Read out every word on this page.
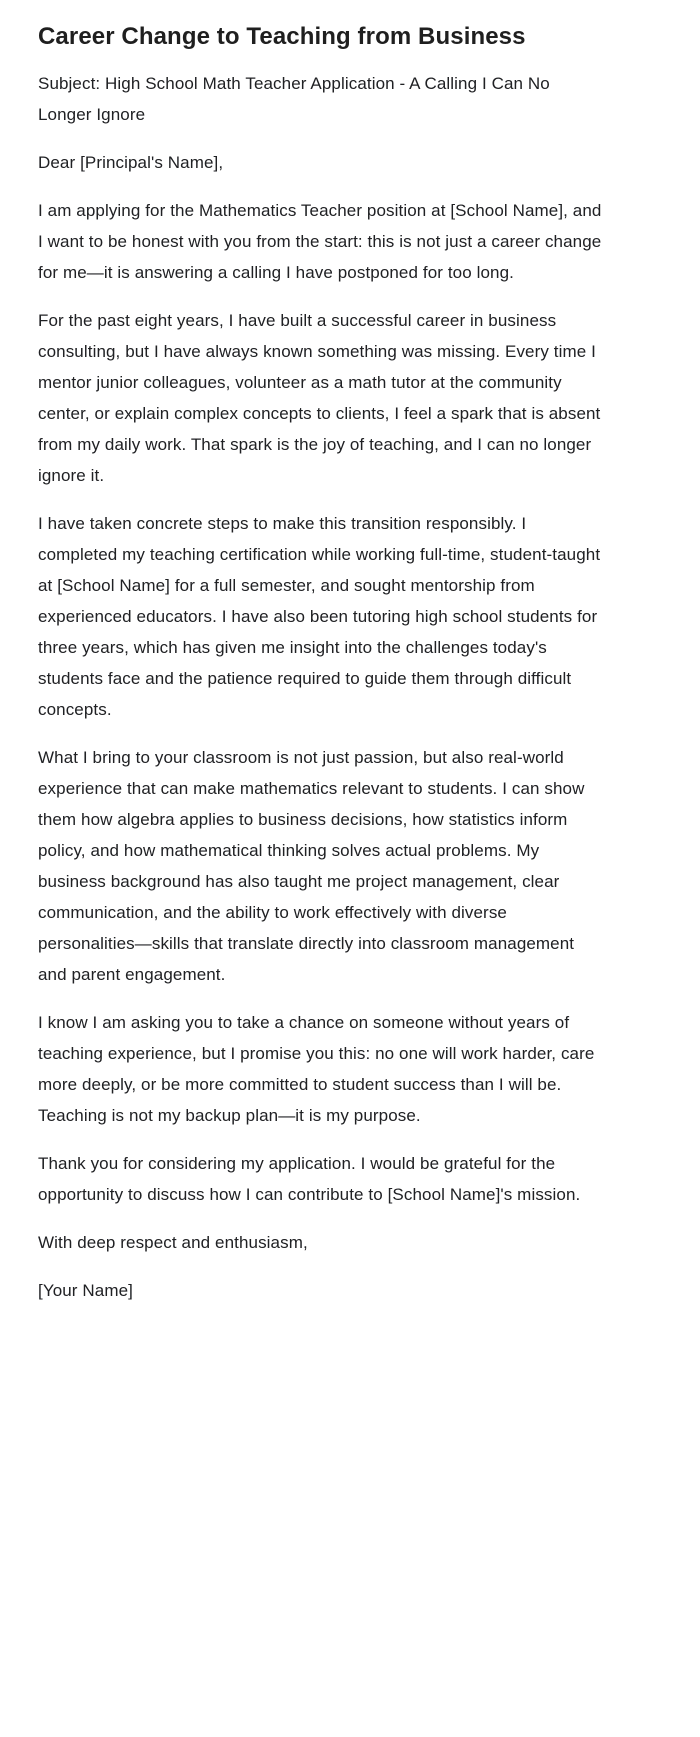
Career Change to Teaching from Business

Subject: High School Math Teacher Application - A Calling I Can No Longer Ignore

Dear [Principal's Name],

I am applying for the Mathematics Teacher position at [School Name], and I want to be honest with you from the start: this is not just a career change for me—it is answering a calling I have postponed for too long.

For the past eight years, I have built a successful career in business consulting, but I have always known something was missing. Every time I mentor junior colleagues, volunteer as a math tutor at the community center, or explain complex concepts to clients, I feel a spark that is absent from my daily work. That spark is the joy of teaching, and I can no longer ignore it.

I have taken concrete steps to make this transition responsibly. I completed my teaching certification while working full-time, student-taught at [School Name] for a full semester, and sought mentorship from experienced educators. I have also been tutoring high school students for three years, which has given me insight into the challenges today's students face and the patience required to guide them through difficult concepts.

What I bring to your classroom is not just passion, but also real-world experience that can make mathematics relevant to students. I can show them how algebra applies to business decisions, how statistics inform policy, and how mathematical thinking solves actual problems. My business background has also taught me project management, clear communication, and the ability to work effectively with diverse personalities—skills that translate directly into classroom management and parent engagement.

I know I am asking you to take a chance on someone without years of teaching experience, but I promise you this: no one will work harder, care more deeply, or be more committed to student success than I will be. Teaching is not my backup plan—it is my purpose.

Thank you for considering my application. I would be grateful for the opportunity to discuss how I can contribute to [School Name]'s mission.

With deep respect and enthusiasm,

[Your Name]
